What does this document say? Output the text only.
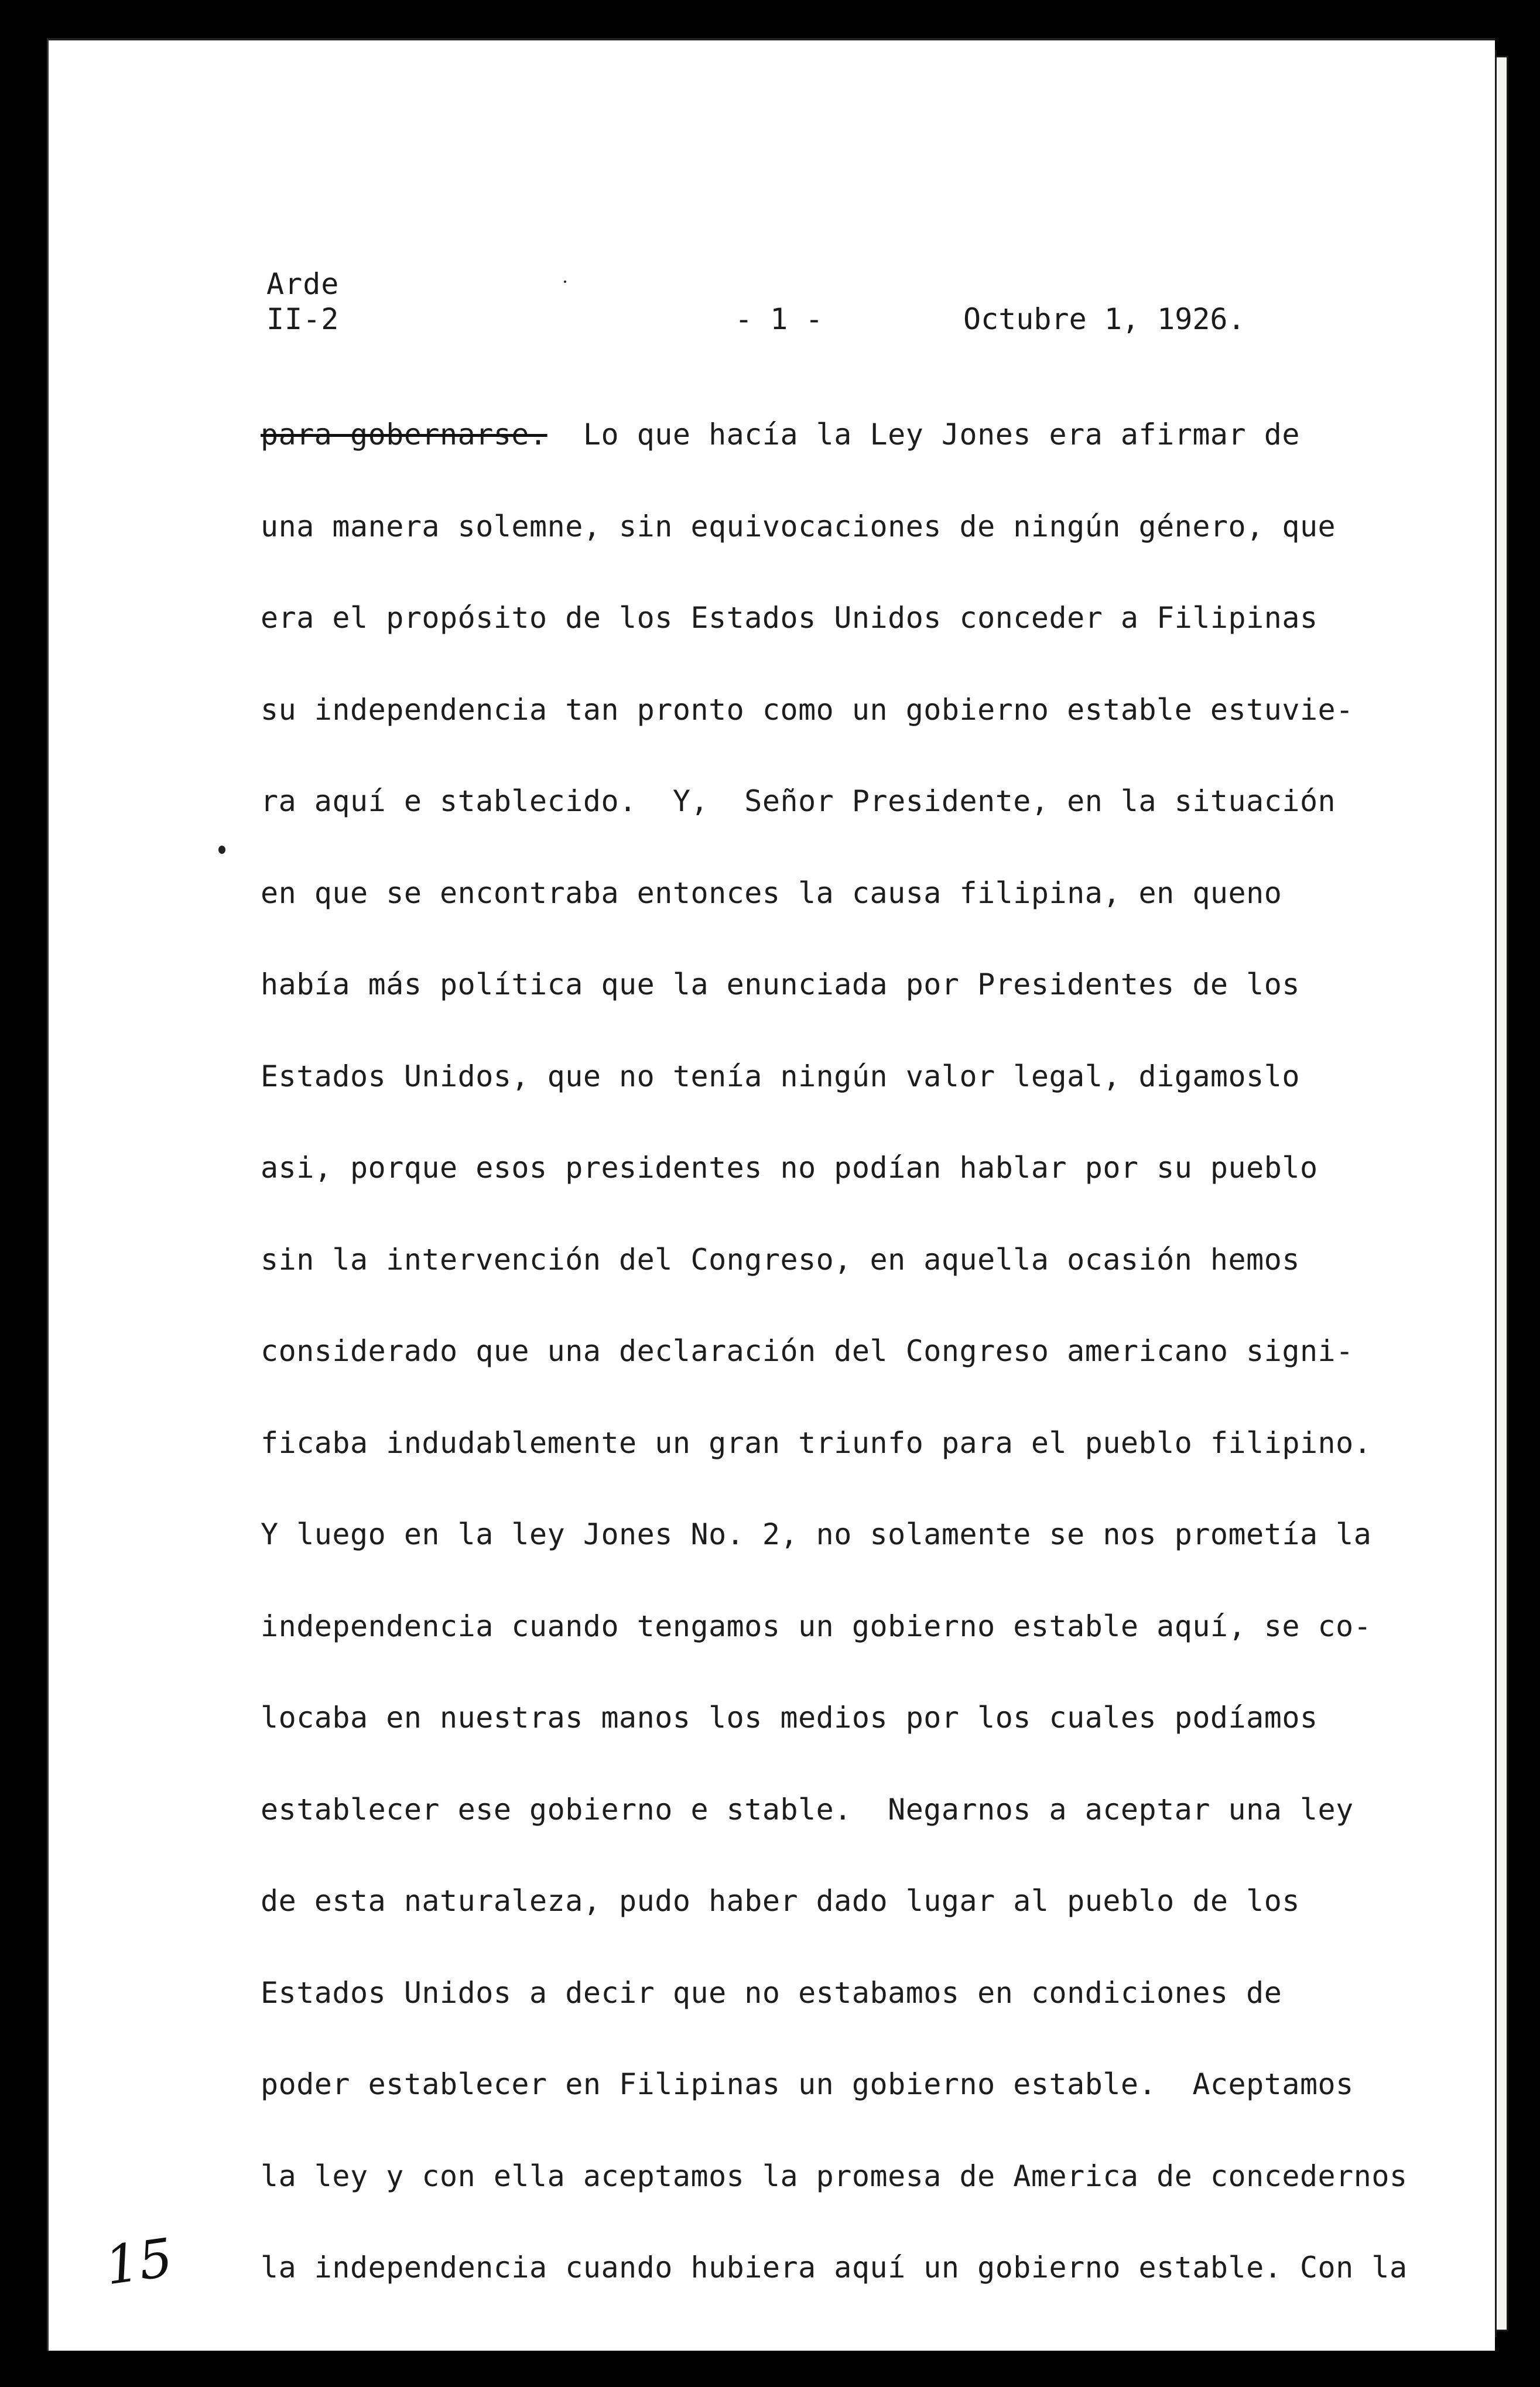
Arde
II-2	- 1 -	Octubre 1, 1926.
para gobernarse.  Lo que hacía la Ley Jones era afirmar de
una manera solemne, sin equivocaciones de ningún género, que
era el propósito de los Estados Unidos conceder a Filipinas
su independencia tan pronto como un gobierno estable estuvie-
ra aquí e stablecido.  Y,  Señor Presidente, en la situación
en que se encontraba entonces la causa filipina, en queno
había más política que la enunciada por Presidentes de los
Estados Unidos, que no tenía ningún valor legal, digamoslo
asi, porque esos presidentes no podían hablar por su pueblo
sin la intervención del Congreso, en aquella ocasión hemos
considerado que una declaración del Congreso americano signi-
ficaba indudablemente un gran triunfo para el pueblo filipino.
Y luego en la ley Jones No. 2, no solamente se nos prometía la
independencia cuando tengamos un gobierno estable aquí, se co-
locaba en nuestras manos los medios por los cuales podíamos
establecer ese gobierno e stable.  Negarnos a aceptar una ley
de esta naturaleza, pudo haber dado lugar al pueblo de los
Estados Unidos a decir que no estabamos en condiciones de
poder establecer en Filipinas un gobierno estable.  Aceptamos
la ley y con ella aceptamos la promesa de America de concedernos
la independencia cuando hubiera aquí un gobierno estable. Con la
15
